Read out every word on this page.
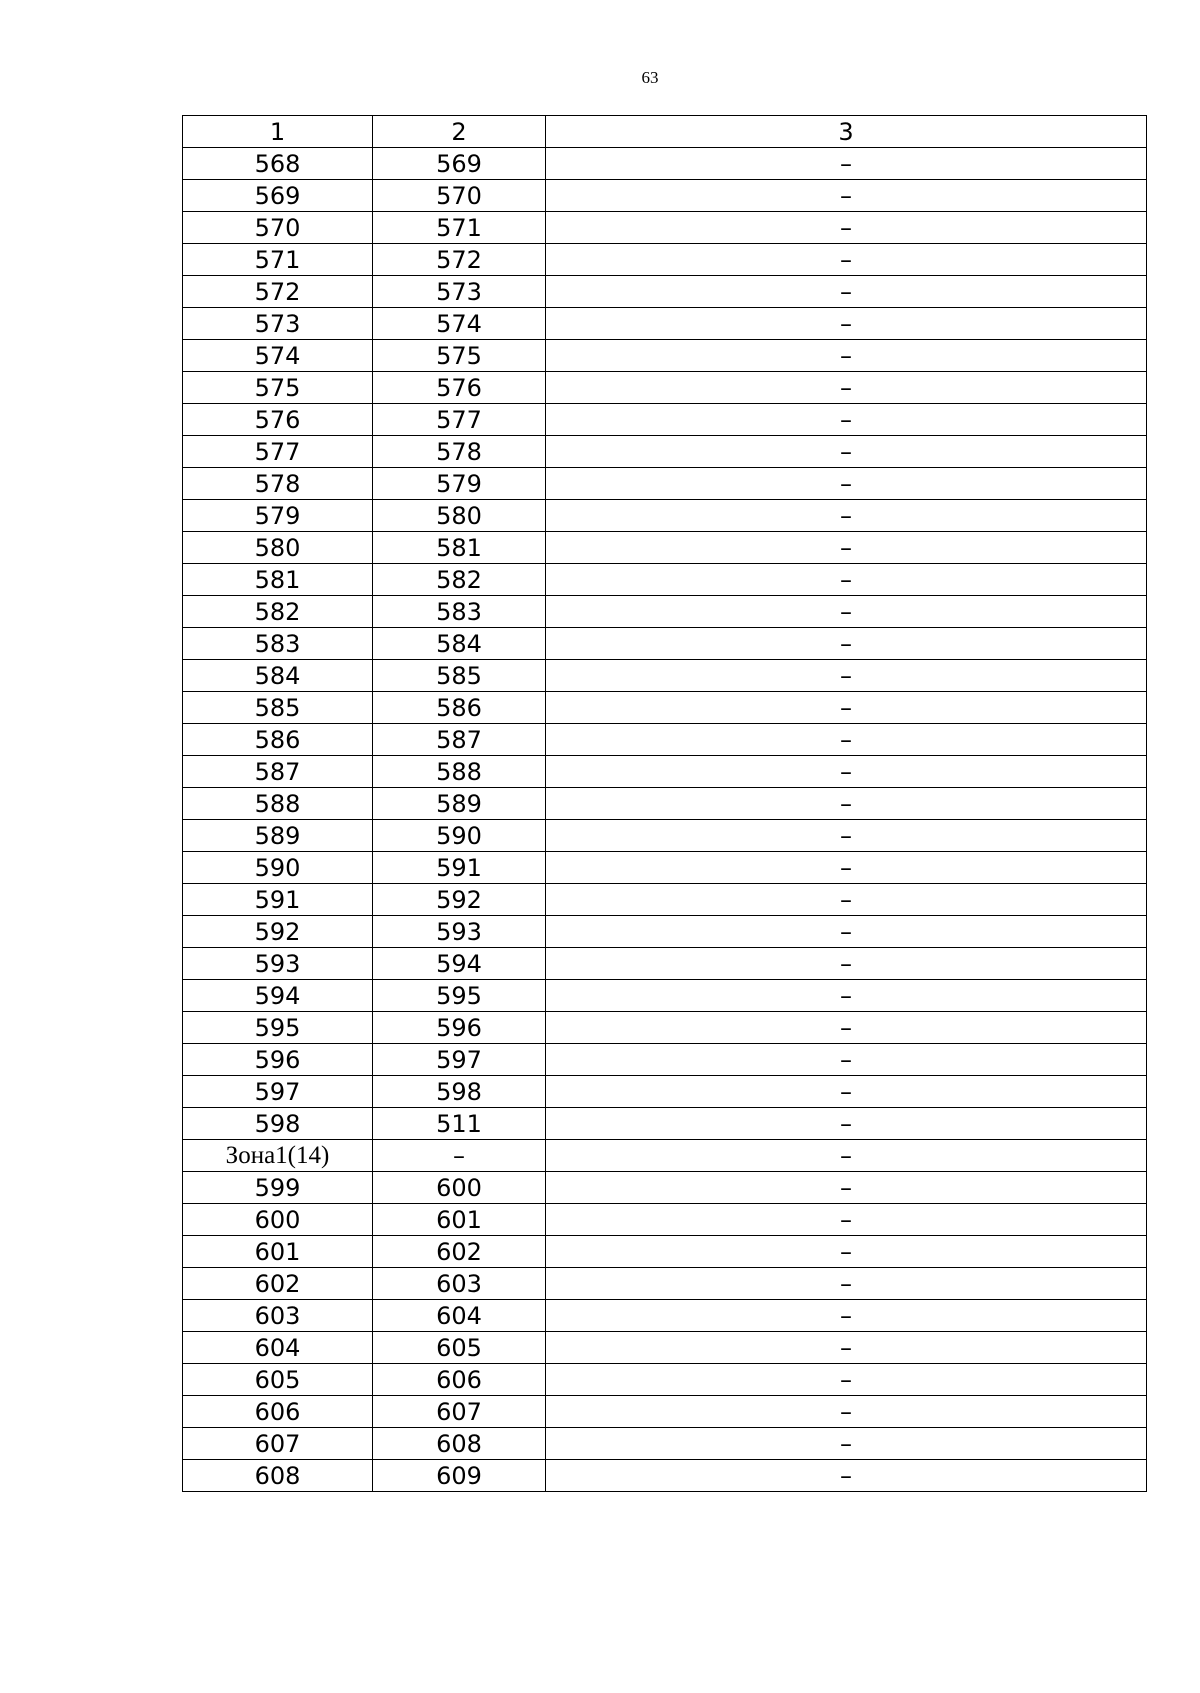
63
1	2	3
568	569	–
569	570	–
570	571	–
571	572	–
572	573	–
573	574	–
574	575	–
575	576	–
576	577	–
577	578	–
578	579	–
579	580	–
580	581	–
581	582	–
582	583	–
583	584	–
584	585	–
585	586	–
586	587	–
587	588	–
588	589	–
589	590	–
590	591	–
591	592	–
592	593	–
593	594	–
594	595	–
595	596	–
596	597	–
597	598	–
598	511	–
Зона1(14)	–	–
599	600	–
600	601	–
601	602	–
602	603	–
603	604	–
604	605	–
605	606	–
606	607	–
607	608	–
608	609	–
